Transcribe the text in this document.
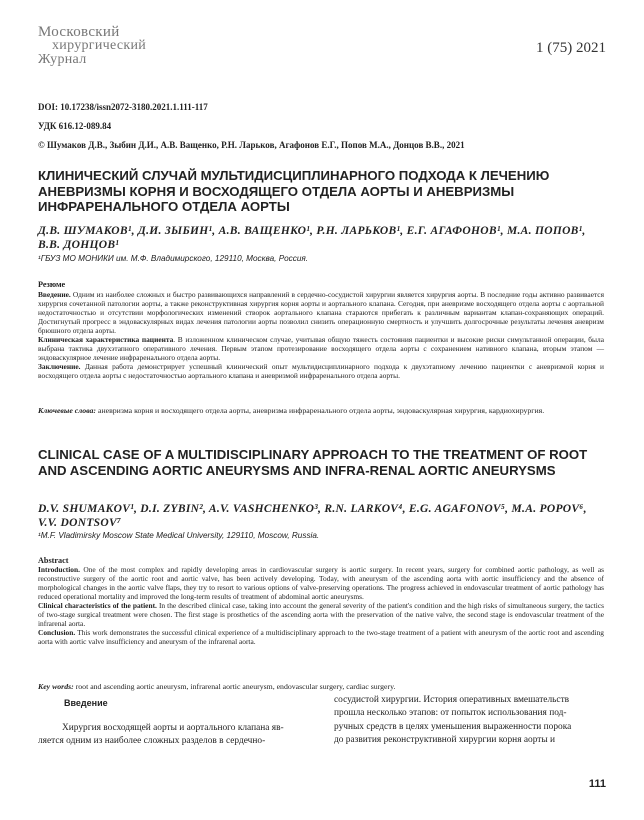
Московский
хирургический
Журнал
1 (75) 2021
DOI: 10.17238/issn2072-3180.2021.1.111-117
УДК 616.12-089.84
© Шумаков Д.В., Зыбин Д.И., А.В. Ващенко, Р.Н. Ларьков, Агафонов Е.Г., Попов М.А., Донцов В.В., 2021
КЛИНИЧЕСКИЙ СЛУЧАЙ МУЛЬТИДИСЦИПЛИНАРНОГО ПОДХОДА К ЛЕЧЕНИЮ АНЕВРИЗМЫ КОРНЯ И ВОСХОДЯЩЕГО ОТДЕЛА АОРТЫ И АНЕВРИЗМЫ ИНФРАРЕНАЛЬНОГО ОТДЕЛА АОРТЫ
Д.В. ШУМАКОВ¹, Д.И. ЗЫБИН¹, А.В. ВАЩЕНКО¹, Р.Н. ЛАРЬКОВ¹, Е.Г. АГАФОНОВ¹, М.А. ПОПОВ¹,
В.В. ДОНЦОВ¹
¹ГБУЗ МО МОНИКИ им. М.Ф. Владимирского, 129110, Москва, Россия.
Резюме
Введение. Одним из наиболее сложных и быстро развивающихся направлений в сердечно-сосудистой хирургии является хирургия аорты. В последние годы активно развивается хирургия сочетанной патологии аорты, а также реконструктивная хирургия корня аорты и аортального клапана. Сегодня, при аневризме восходящего отдела аорты с аортальной недостаточностью и отсутствии морфологических изменений створок аортального клапана стараются прибегать к различным вариантам клапан-сохраняющих операций. Достигнутый прогресс в эндоваскулярных видах лечения патологии аорты позволил снизить операционную смертность и улучшить долгосрочные результаты лечения аневризм брюшного отдела аорты.
Клиническая характеристика пациента. В изложенном клиническом случае, учитывая общую тяжесть состояния пациентки и высокие риски симультанной операции, была выбрана тактика двухэтапного оперативного лечения. Первым этапом протезирование восходящего отдела аорты с сохранением нативного клапана, вторым этапом — эндоваскулярное лечение инфраренального отдела аорты.
Заключение. Данная работа демонстрирует успешный клинический опыт мультидисциплинарного подхода к двухэтапному лечению пациентки с аневризмой корня и восходящего отдела аорты с недостаточностью аортального клапана и аневризмой инфраренального отдела аорты.
Ключевые слова: аневризма корня и восходящего отдела аорты, аневризма инфраренального отдела аорты, эндоваскулярная хирургия, кардиохирургия.
CLINICAL CASE OF A MULTIDISCIPLINARY APPROACH TO THE TREATMENT OF ROOT AND ASCENDING AORTIC ANEURYSMS AND INFRA-RENAL AORTIC ANEURYSMS
D.V. SHUMAKOV¹, D.I. ZYBIN², A.V. VASHCHENKO³, R.N. LARKOV⁴, E.G. AGAFONOV⁵, M.A. POPOV⁶,
V.V. DONTSOV⁷
¹M.F. Vladimirsky Moscow State Medical University, 129110, Moscow, Russia.
Abstract
Introduction. One of the most complex and rapidly developing areas in cardiovascular surgery is aortic surgery. In recent years, surgery for combined aortic pathology, as well as reconstructive surgery of the aortic root and aortic valve, has been actively developing. Today, with aneurysm of the ascending aorta with aortic insufficiency and the absence of morphological changes in the aortic valve flaps, they try to resort to various options of valve-preserving operations. The progress achieved in endovascular treatment of aortic pathology has reduced operational mortality and improved the long-term results of treatment of abdominal aortic aneurysms.
Clinical characteristics of the patient. In the described clinical case, taking into account the general severity of the patient's condition and the high risks of simultaneous surgery, the tactics of two-stage surgical treatment were chosen. The first stage is prosthetics of the ascending aorta with the preservation of the native valve, the second stage is endovascular treatment of the infrarenal aorta.
Conclusion. This work demonstrates the successful clinical experience of a multidisciplinary approach to the two-stage treatment of a patient with aneurysm of the aortic root and ascending aorta with aortic valve insufficiency and aneurysm of the infrarenal aorta.
Key words: root and ascending aortic aneurysm, infrarenal aortic aneurysm, endovascular surgery, cardiac surgery.
Введение
Хирургия восходящей аорты и аортального клапана яв-
ляется одним из наиболее сложных разделов в сердечно-
сосудистой хирургии. История оперативных вмешательств
прошла несколько этапов: от попыток использования под-
ручных средств в целях уменьшения выраженности порока
до развития реконструктивной хирургии корня аорты и
111
